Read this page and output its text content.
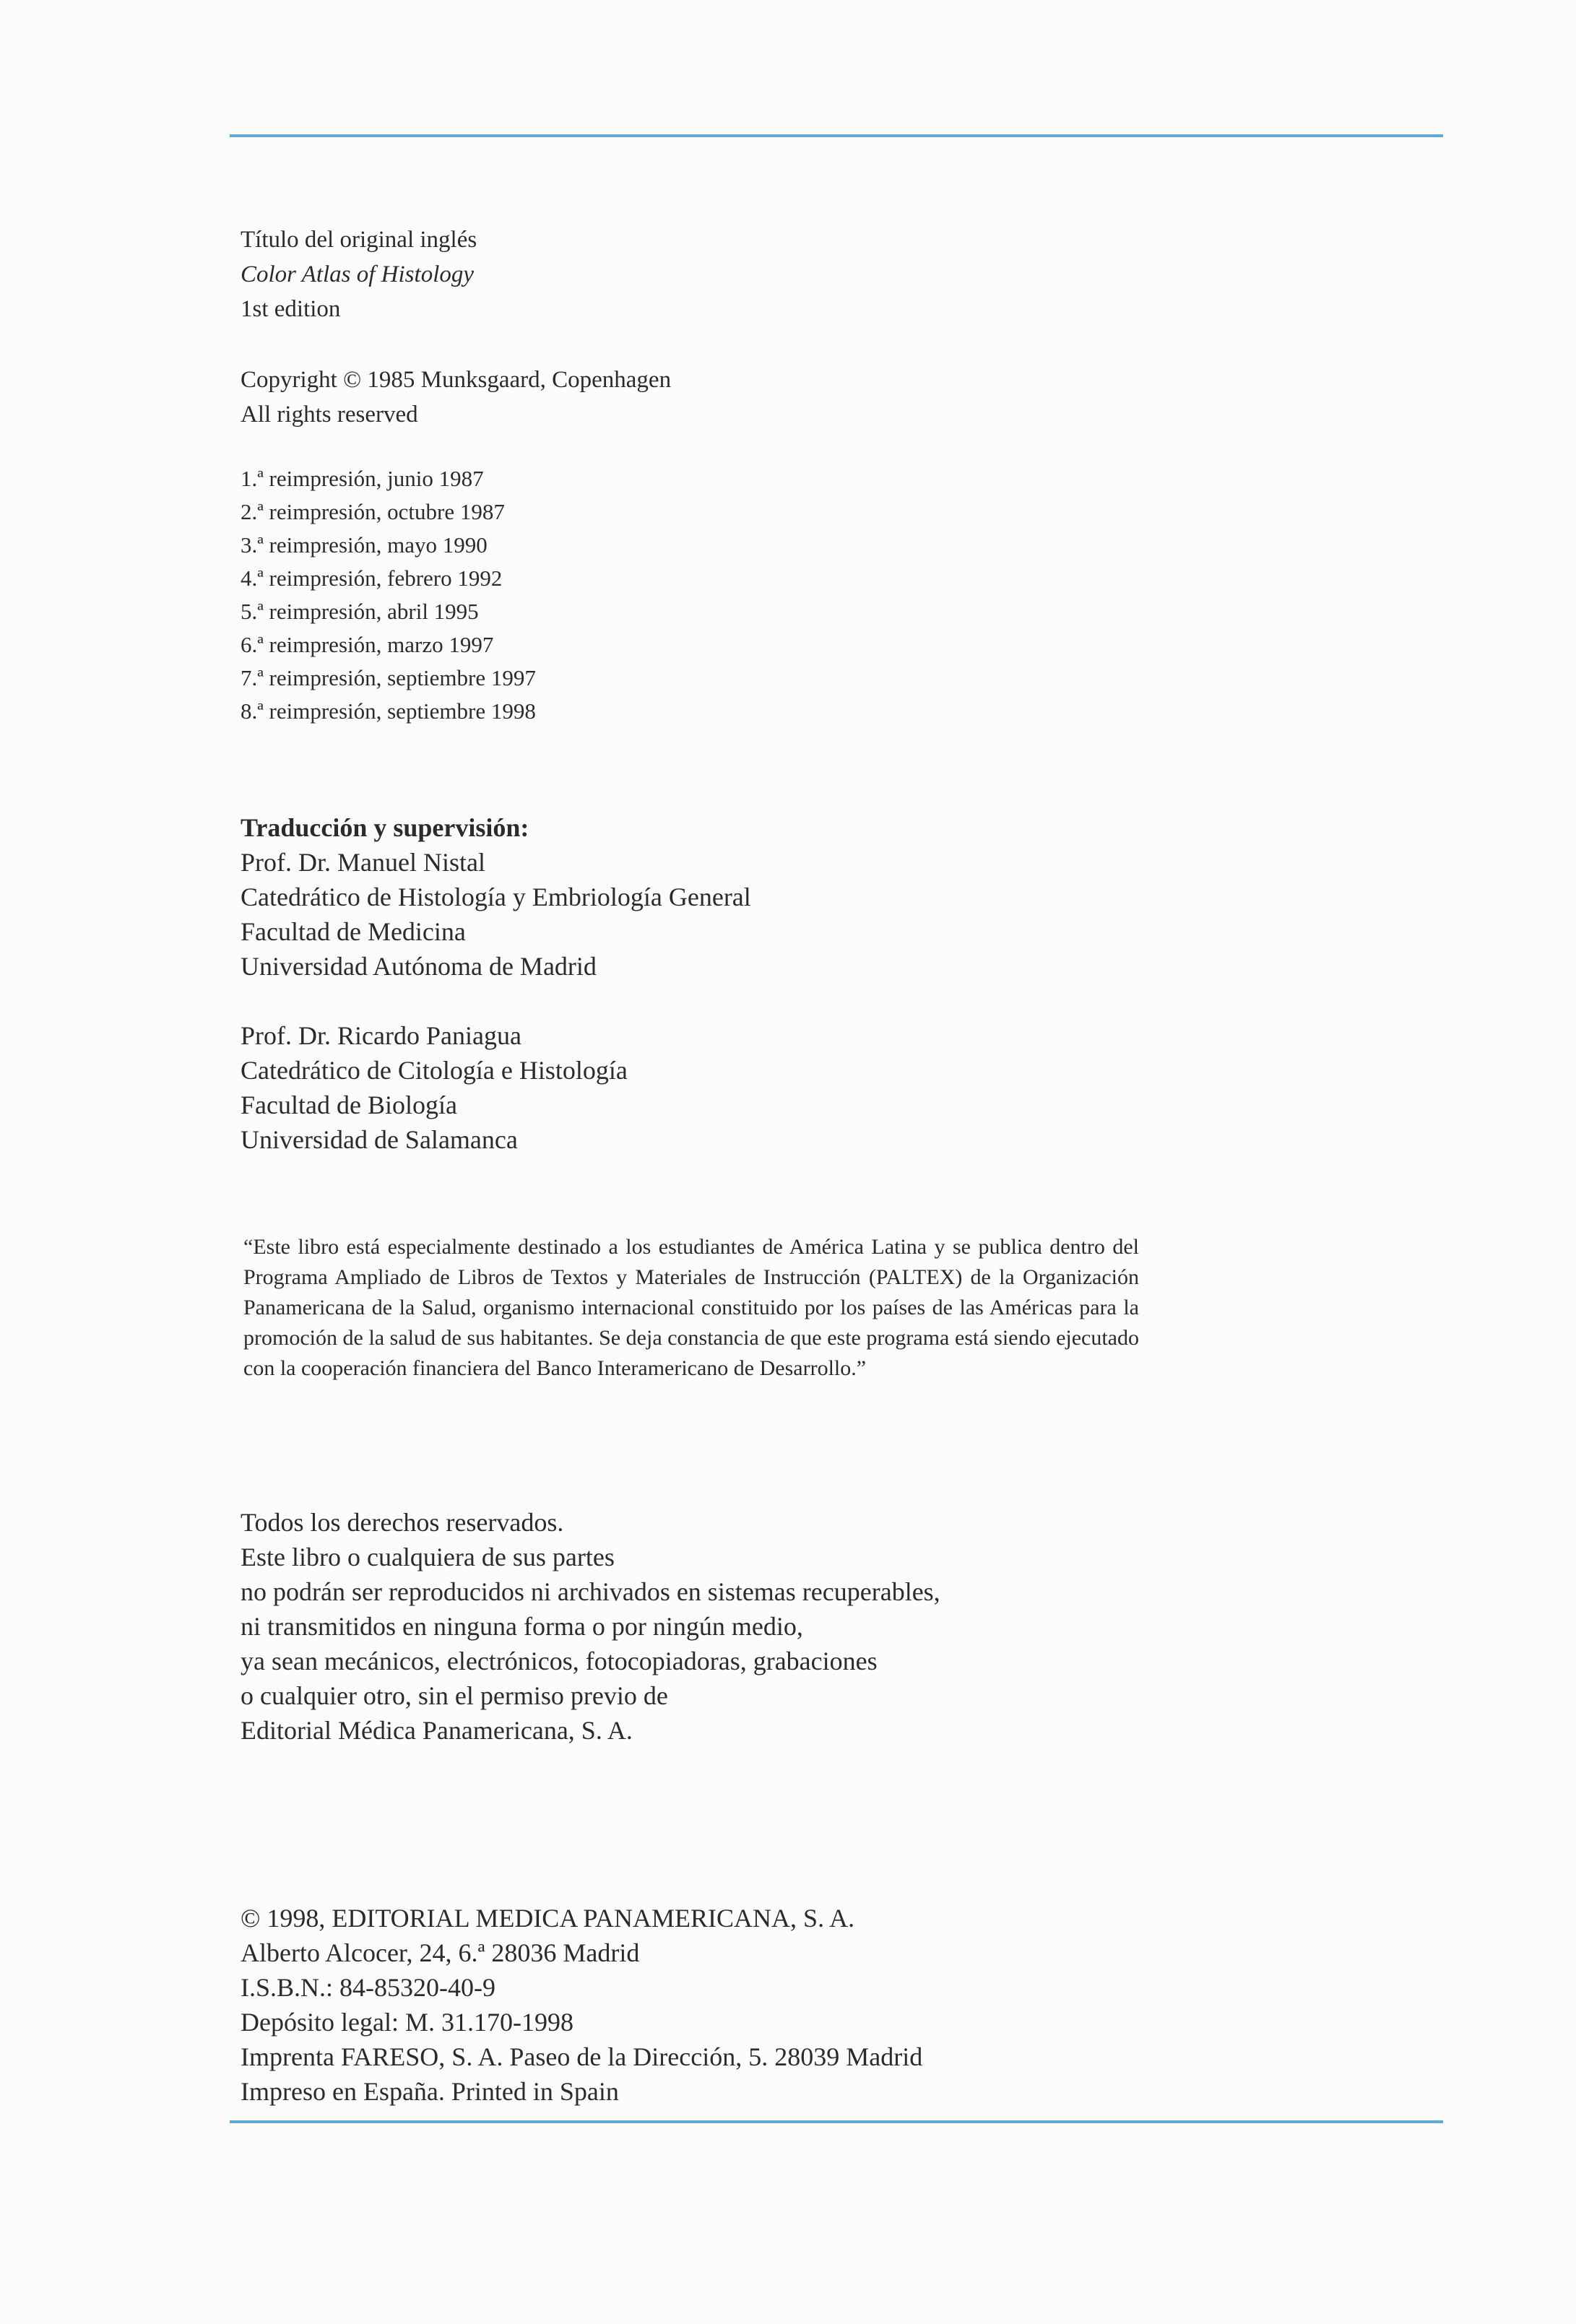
Título del original inglés
Color Atlas of Histology
1st edition
Copyright © 1985 Munksgaard, Copenhagen
All rights reserved
1.ª reimpresión, junio 1987
2.ª reimpresión, octubre 1987
3.ª reimpresión, mayo 1990
4.ª reimpresión, febrero 1992
5.ª reimpresión, abril 1995
6.ª reimpresión, marzo 1997
7.ª reimpresión, septiembre 1997
8.ª reimpresión, septiembre 1998
Traducción y supervisión:
Prof. Dr. Manuel Nistal
Catedrático de Histología y Embriología General
Facultad de Medicina
Universidad Autónoma de Madrid
Prof. Dr. Ricardo Paniagua
Catedrático de Citología e Histología
Facultad de Biología
Universidad de Salamanca
“Este libro está especialmente destinado a los estudiantes de América Latina y se publica dentro del Programa Ampliado de Libros de Textos y Materiales de Instrucción (PALTEX) de la Organización Panamericana de la Salud, organismo internacional constituido por los países de las Américas para la promoción de la salud de sus habitantes. Se deja constancia de que este programa está siendo ejecutado con la cooperación financiera del Banco Interamericano de Desarrollo.”
Todos los derechos reservados.
Este libro o cualquiera de sus partes
no podrán ser reproducidos ni archivados en sistemas recuperables,
ni transmitidos en ninguna forma o por ningún medio,
ya sean mecánicos, electrónicos, fotocopiadoras, grabaciones
o cualquier otro, sin el permiso previo de
Editorial Médica Panamericana, S. A.
© 1998, EDITORIAL MEDICA PANAMERICANA, S. A.
Alberto Alcocer, 24, 6.ª 28036 Madrid
I.S.B.N.: 84-85320-40-9
Depósito legal: M. 31.170-1998
Imprenta FARESO, S. A. Paseo de la Dirección, 5. 28039 Madrid
Impreso en España. Printed in Spain
